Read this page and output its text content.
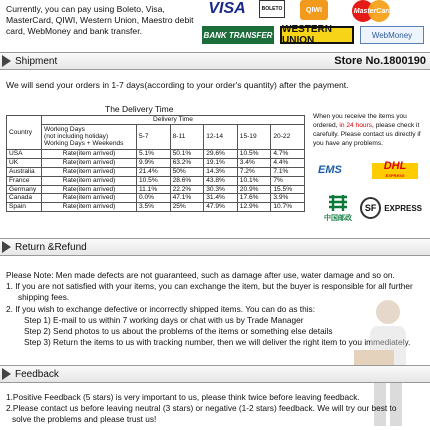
Currently, you can pay using Boleto, Visa, MasterCard, QIWI, Western Union, Maestro debit card, WebMoney and bank transfer.
VISA	BOLETO	QIWI	MasterCard
BANK TRANSFER WESTERN UNION	WebMoney
Shipment	Store No.1800190
We will send your orders in 1-7 days(according to your order's quantity) after the payment.
The Delivery Time
Country	Delivery Time					
	Working Days
(not including holiday)
Working Days + Weekends	5-7	8-11	12-14	15-19	20-22
USA	Rate(item arrived)	5.1%	50.1%	29.6%	10.5%	4.7%
UK	Rate(item arrived)	9.9%	63.2%	19.1%	3.4%	4.4%
Australia	Rate(item arrived)	21.4%	50%	14.3%	7.2%	7.1%
France	Rate(item arrived)	10.5%	28.6%	43.8%	10.1%	7%
Germany	Rate(item arrived)	11.1%	22.2%	30.3%	20.9%	15.5%
Canada	Rate(item arrived)	0.0%	47.1%	31.4%	17.6%	3.9%
Spain	Rate(item arrived)	3.5%	25%	47.9%	12.9%	10.7%
When you receive the items you ordered, in 24 hours, please check it carefully. Please contact us directly if you have any problems.
EMS	DHL
EXPRESS
中国邮政
SF EXPRESS
Return &Refund

Please Note: Men made defects are not guaranteed, such as damage after use, water damage and so on.

1. If you are not satisfied with your items, you can exchange the item, but the buyer is responsible for all further

shipping fees.

2. If you wish to exchange defective or incorrectly shipped items. You can do as this:

Step 1) E-mail to us within 7 working days or chat with us by Trade Manager

Step 2) Send photos to us about the problems of the items or something else details

Step 3) Return the items to us with tracking number, then we will deliver the right item to you immediately.

Feedback

1.Positive Feedback (5 stars) is very important to us, please think twice before leaving feedback.

2.Please contact us before leaving neutral (3 stars) or negative (1-2 stars) feedback. We will try our best to

solve the problems and please trust us!
